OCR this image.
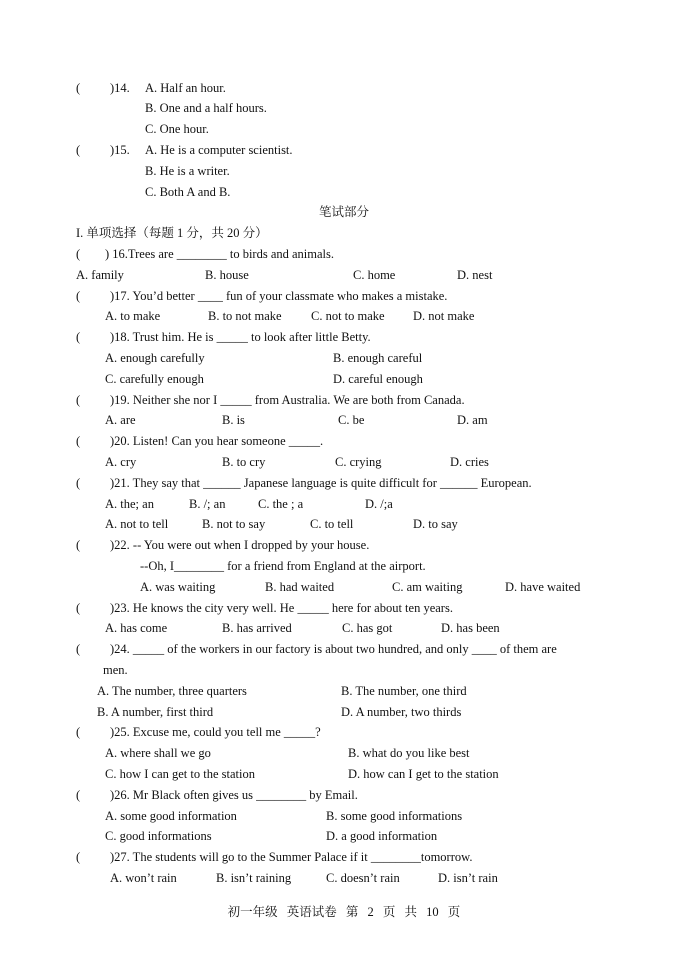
( )14. A. Half an hour.
B. One and a half hours.
C. One hour.
( )15. A. He is a computer scientist.
B. He is a writer.
C. Both A and B.
笔试部分
I. 单项选择（每题 1 分，共 20 分）
( ) 16.Trees are ________ to birds and animals.
A. family	B. house	C. home	D. nest
( )17. You’d better ____ fun of your classmate who makes a mistake.
A. to make	B. to not make C. not to make D. not make
( )18. Trust him. He is _____ to look after little Betty.
A. enough carefully	B. enough careful
C. carefully enough	D. careful enough
( )19. Neither she nor I _____ from Australia. We are both from Canada.
A. are	B. is	C. be	D. am
( )20. Listen! Can you hear someone _____.
A. cry	B. to cry	C. crying	D. cries
( )21. They say that ______ Japanese language is quite difficult for ______ European.
A. the; an	B. /; an	C. the ; a	D. /;a
A. not to tell	B. not to say	C. to tell	D. to say
( )22. -- You were out when I dropped by your house.
--Oh, I________ for a friend from England at the airport.
A. was waiting	B. had waited	C. am waiting	D. have waited
( )23. He knows the city very well. He _____ here for about ten years.
A. has come	B. has arrived	C. has got	D. has been
( )24. _____ of the workers in our factory is about two hundred, and only ____ of them are
men.
A. The number, three quarters	B. The number, one third
B. A number, first third	D. A number, two thirds
( )25. Excuse me, could you tell me _____?
A. where shall we go	B. what do you like best
C. how I can get to the station	D. how can I get to the station
( )26. Mr Black often gives us ________ by Email.
A. some good information	B. some good informations
C. good informations	D. a good information
( )27. The students will go to the Summer Palace if it ________tomorrow.
A. won’t rain	B. isn’t raining	C. doesn’t rain	D. isn’t rain
初一年级 英语试卷 第 2 页 共 10 页
